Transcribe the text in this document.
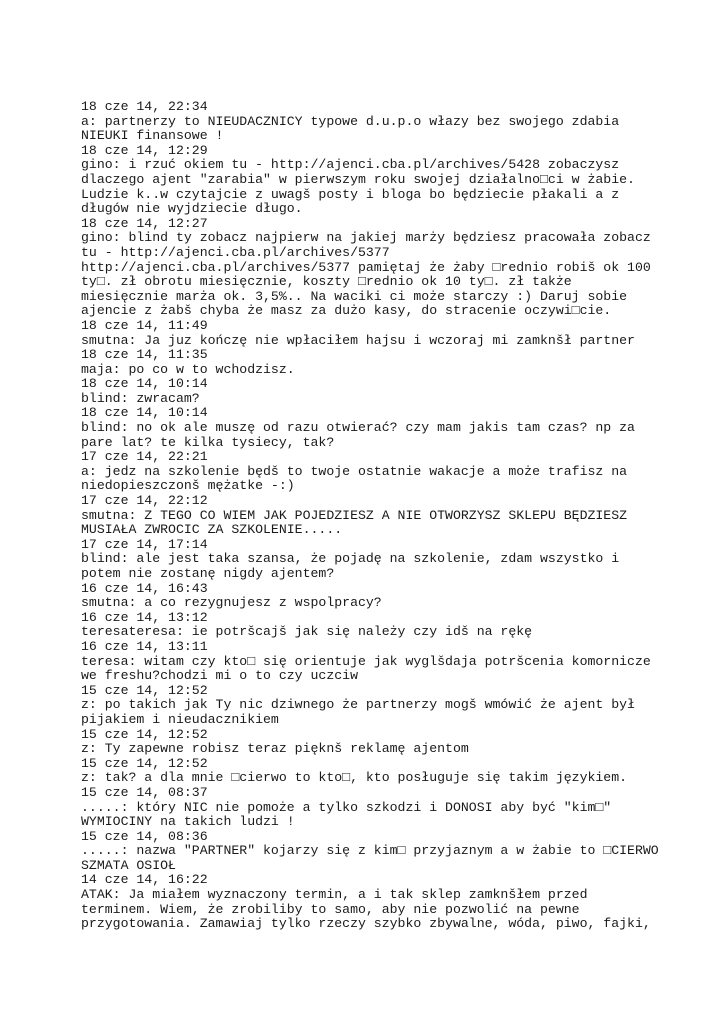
18 cze 14, 22:34
a: partnerzy to NIEUDACZNICY typowe d.u.p.o włazy bez swojego zdabia
NIEUKI finansowe !
18 cze 14, 12:29
gino: i rzuć okiem tu - http://ajenci.cba.pl/archives/5428 zobaczysz
dlaczego ajent "zarabia" w pierwszym roku swojej działalno□ci w żabie.
Ludzie k..w czytajcie z uwagš posty i bloga bo będziecie płakali a z
długów nie wyjdziecie długo.
18 cze 14, 12:27
gino: blind ty zobacz najpierw na jakiej marży będziesz pracowała zobacz
tu - http://ajenci.cba.pl/archives/5377
http://ajenci.cba.pl/archives/5377 pamiętaj że żaby □rednio robiš ok 100
ty□. zł obrotu miesięcznie, koszty □rednio ok 10 ty□. zł także
miesięcznie marża ok. 3,5%.. Na waciki ci może starczy :) Daruj sobie
ajencie z żabš chyba że masz za dużo kasy, do stracenie oczywi□cie.
18 cze 14, 11:49
smutna: Ja juz kończę nie wpłaciłem hajsu i wczoraj mi zamknšł partner
18 cze 14, 11:35
maja: po co w to wchodzisz.
18 cze 14, 10:14
blind: zwracam?
18 cze 14, 10:14
blind: no ok ale muszę od razu otwierać? czy mam jakis tam czas? np za
pare lat? te kilka tysiecy, tak?
17 cze 14, 22:21
a: jedz na szkolenie będš to twoje ostatnie wakacje a może trafisz na
niedopieszczonš mężatke -:)
17 cze 14, 22:12
smutna: Z TEGO CO WIEM JAK POJEDZIESZ A NIE OTWORZYSZ SKLEPU BĘDZIESZ
MUSIAŁA ZWROCIC ZA SZKOLENIE.....
17 cze 14, 17:14
blind: ale jest taka szansa, że pojadę na szkolenie, zdam wszystko i
potem nie zostanę nigdy ajentem?
16 cze 14, 16:43
smutna: a co rezygnujesz z wspolpracy?
16 cze 14, 13:12
teresateresa: ie potršcajš jak się należy czy idš na rękę
16 cze 14, 13:11
teresa: witam czy kto□ się orientuje jak wyglšdaja potršcenia komornicze
we freshu?chodzi mi o to czy uczciw
15 cze 14, 12:52
z: po takich jak Ty nic dziwnego że partnerzy mogš wmówić że ajent był
pijakiem i nieudacznikiem
15 cze 14, 12:52
z: Ty zapewne robisz teraz pięknš reklamę ajentom
15 cze 14, 12:52
z: tak? a dla mnie □cierwo to kto□, kto posługuje się takim językiem.
15 cze 14, 08:37
.....: który NIC nie pomoże a tylko szkodzi i DONOSI aby być "kim□"
WYMIOCINY na takich ludzi !
15 cze 14, 08:36
.....: nazwa "PARTNER" kojarzy się z kim□ przyjaznym a w żabie to □CIERWO
SZMATA OSIOŁ
14 cze 14, 16:22
ATAK: Ja miałem wyznaczony termin, a i tak sklep zamknšłem przed
terminem. Wiem, że zrobiliby to samo, aby nie pozwolić na pewne
przygotowania. Zamawiaj tylko rzeczy szybko zbywalne, wóda, piwo, fajki,
